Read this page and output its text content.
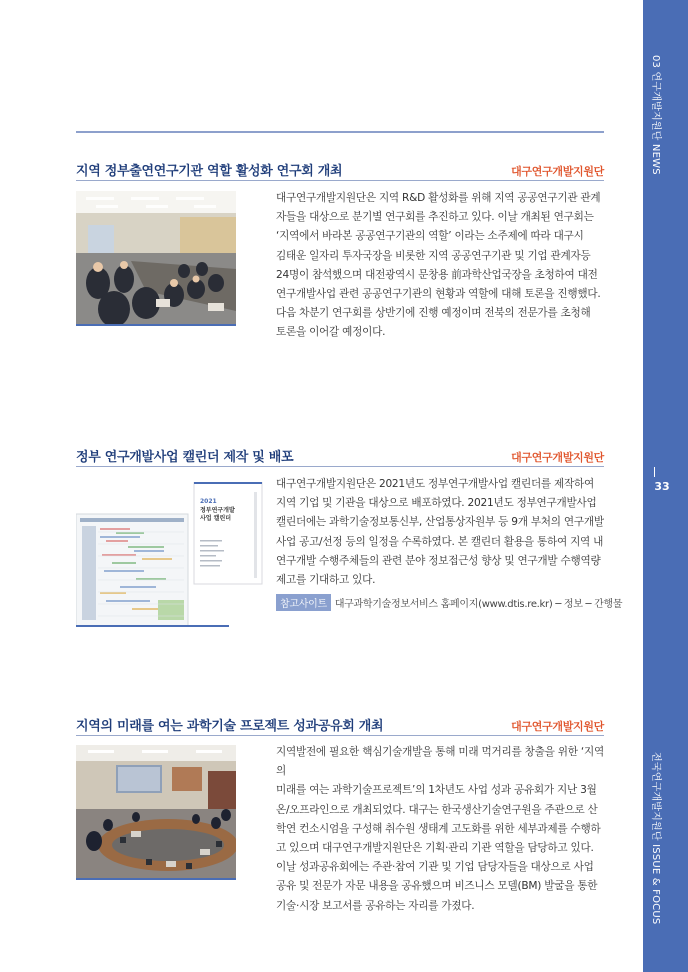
03 연구개발지원단 NEWS
33
전국연구개발지원단 ISSUE & FOCUS
지역 정부출연연구기관 역할 활성화 연구회 개최	대구연구개발지원단
대구연구개발지원단은 지역 R&D 활성화를 위해 지역 공공연구기관 관계
자들을 대상으로 분기별 연구회를 추진하고 있다. 이날 개최된 연구회는
‘지역에서 바라본 공공연구기관의 역할’ 이라는 소주제에 따라 대구시
김태운 일자리 투자국장을 비롯한 지역 공공연구기관 및 기업 관계자등
24명이 참석했으며 대전광역시 문창용 前과학산업국장을 초청하여 대전
연구개발사업 관련 공공연구기관의 현황과 역할에 대해 토론을 진행했다.
다음 차분기 연구회를 상반기에 진행 예정이며 전북의 전문가를 초청해
토론을 이어갈 예정이다.
정부 연구개발사업 캘린더 제작 및 배포	대구연구개발지원단
2021
정부연구개발
사업 캘린더
대구연구개발지원단은 2021년도 정부연구개발사업 캘린더를 제작하여
지역 기업 및 기관을 대상으로 배포하였다. 2021년도 정부연구개발사업
캘린더에는 과학기술정보통신부, 산업통상자원부 등 9개 부처의 연구개발
사업 공고/선정 등의 일정을 수록하였다. 본 캘린더 활용을 통하여 지역 내
연구개발 수행주체들의 관련 분야 정보접근성 향상 및 연구개발 수행역량
제고를 기대하고 있다.
참고사이트 대구과학기술정보서비스 홈페이지(www.dtis.re.kr) ─ 정보 ─ 간행물
지역의 미래를 여는 과학기술 프로젝트 성과공유회 개최	대구연구개발지원단
지역발전에 필요한 핵심기술개발을 통해 미래 먹거리를 창출을 위한 ‘지역의
미래를 여는 과학기술프로젝트’의 1차년도 사업 성과 공유회가 지난 3월
온/오프라인으로 개최되었다. 대구는 한국생산기술연구원을 주관으로 산
학연 컨소시엄을 구성해 취수원 생태계 고도화를 위한 세부과제를 수행하
고 있으며 대구연구개발지원단은 기획·관리 기관 역할을 담당하고 있다.
이날 성과공유회에는 주관·참여 기관 및 기업 담당자들을 대상으로 사업
공유 및 전문가 자문 내용을 공유했으며 비즈니스 모델(BM) 발굴을 통한
기술·시장 보고서를 공유하는 자리를 가졌다.
